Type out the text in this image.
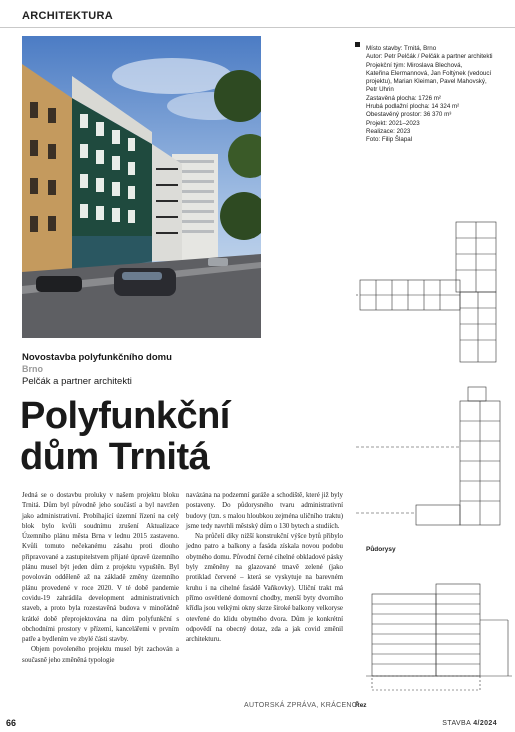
ARCHITEKTURA

Místo stavby: Trnitá, Brno

Autor: Petr Pelčák / Pelčák a partner architekti

Projekční tým: Miroslava Blechová,

Kateřina Elermannová, Jan Foltýnek (vedoucí

projektu), Marian Kleiman, Pavel Mahovský,

Petr Uhrin

Zastavěná plocha: 1726 m²

Hrubá podlažní plocha: 14 324 m²

Obestavěný prostor: 36 370 m³

Projekt: 2021–2023

Realizace: 2023

Foto: Filip Šlapal

Půdorysy
Řez
Novostavba polyfunkčního domu
Brno
Pelčák a partner architekti
Polyfunkční
dům Trnitá

Jedná se o dostavbu proluky v našem projektu bloku Trnitá. Dům byl původně jeho součástí a byl navržen jako administrativní. Probíhající územní řízení na celý blok bylo kvůli soudnímu zrušení Aktualizace Územního plánu města Brna v lednu 2015 zastaveno. Kvůli tomuto nečekanému zásahu proti dlouho připravované a zastupitelstvem přijaté úpravě územního plánu musel být jeden dům z projektu vypuštěn. Byl povolován odděleně až na základě změny územního plánu provedené v roce 2020. V té době pandemie covidu-19 zahrádila development administrativních staveb, a proto byla rozestavěná budova v minořádně krátké době přeprojektována na dům polyfunkční s obchodními prostory v přízemí, kancelářemi v prvním patře a bydlením ve zbylé části stavby.

Objem povoleného projektu musel být zachován a současně jeho změněná typologie

navázána na podzemní garáže a schodiště, které již byly postaveny. Do půdorysného tvaru administrativní budovy (tzn. s malou hloubkou zejména uličního traktu) jsme tedy navrhli městský dům o 130 bytech a studiích.

Na průčelí díky nižší konstrukční výšce bytů přibylo jedno patro a balkony a fasáda získala novou podobu obytného domu. Původní černé cihelné obkladové pásky byly změněny na glazované tmavě zelené (jako protiklad červené – která se vyskytuje na barevném kruhu i na cihelné fasádě Vaňkovky). Uliční trakt má přímo osvětlené domovní chodby, menší byty dvorního křídla jsou velkými okny skrze široké balkony velkoryse otevřené do klidu obytného dvora. Dům je konkrétní odpovědí na obecný dotaz, zda a jak covid změnil architekturu.

AUTORSKÁ ZPRÁVA, KRÁCENO
66	STAVBA 4/2024
